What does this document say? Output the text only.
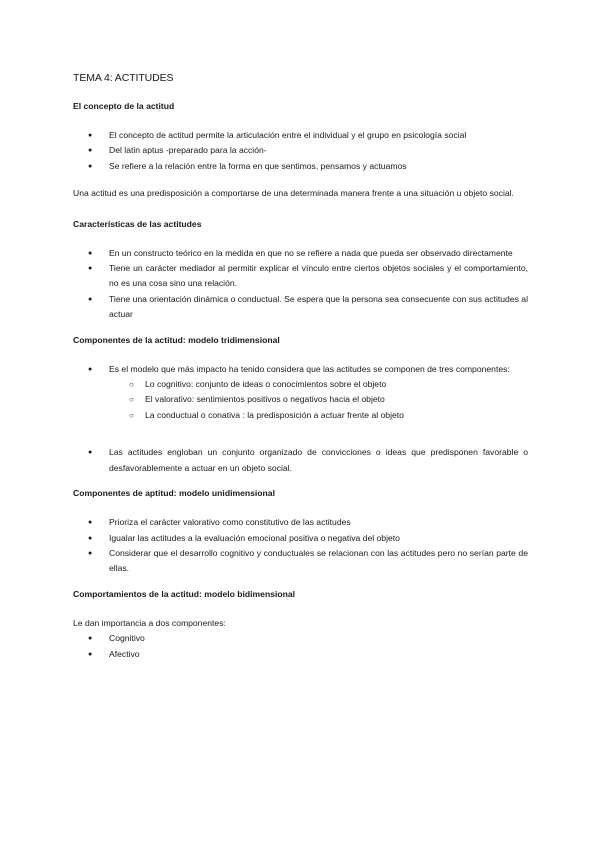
TEMA 4: ACTITUDES
El concepto de la actitud
● El concepto de actitud permite la articulación entre el individual y el grupo en psicología social
● Del latin aptus -preparado para la acción-
● Se refiere a la relación entre la forma en que sentimos, pensamos y actuamos
Una actitud es una predisposición a comportarse de una determinada manera frente a una situación u objeto social.
Características de las actitudes
● En un constructo teórico en la medida en que no se refiere a nada que pueda ser observado directamente
● Tiene un carácter mediador al permitir explicar el vínculo entre ciertos objetos sociales y el comportamiento, no es una cosa sino una relación.
● Tiene una orientación dinámica o conductual. Se espera que la persona sea consecuente con sus actitudes al actuar
Componentes de la actitud: modelo tridimensional
● Es el modelo que más impacto ha tenido considera que las actitudes se componen de tres componentes:
○ Lo cognitivo: conjunto de ideas o conocimientos sobre el objeto
○ El valorativo: sentimientos positivos o negativos hacia el objeto
○ La conductual o conativa : la predisposición a actuar frente al objeto
● Las actitudes engloban un conjunto organizado de convicciones o ideas que predisponen favorable o desfavorablemente a actuar en un objeto social.
Componentes de aptitud: modelo unidimensional
● Prioriza el carácter valorativo como constitutivo de las actitudes
● Igualar las actitudes a la evaluación emocional positiva o negativa del objeto
● Considerar que el desarrollo cognitivo y conductuales se relacionan con las actitudes pero no serían parte de ellas.
Comportamientos de la actitud: modelo bidimensional
Le dan importancia a dos componentes:
● Cognitivo
● Afectivo
